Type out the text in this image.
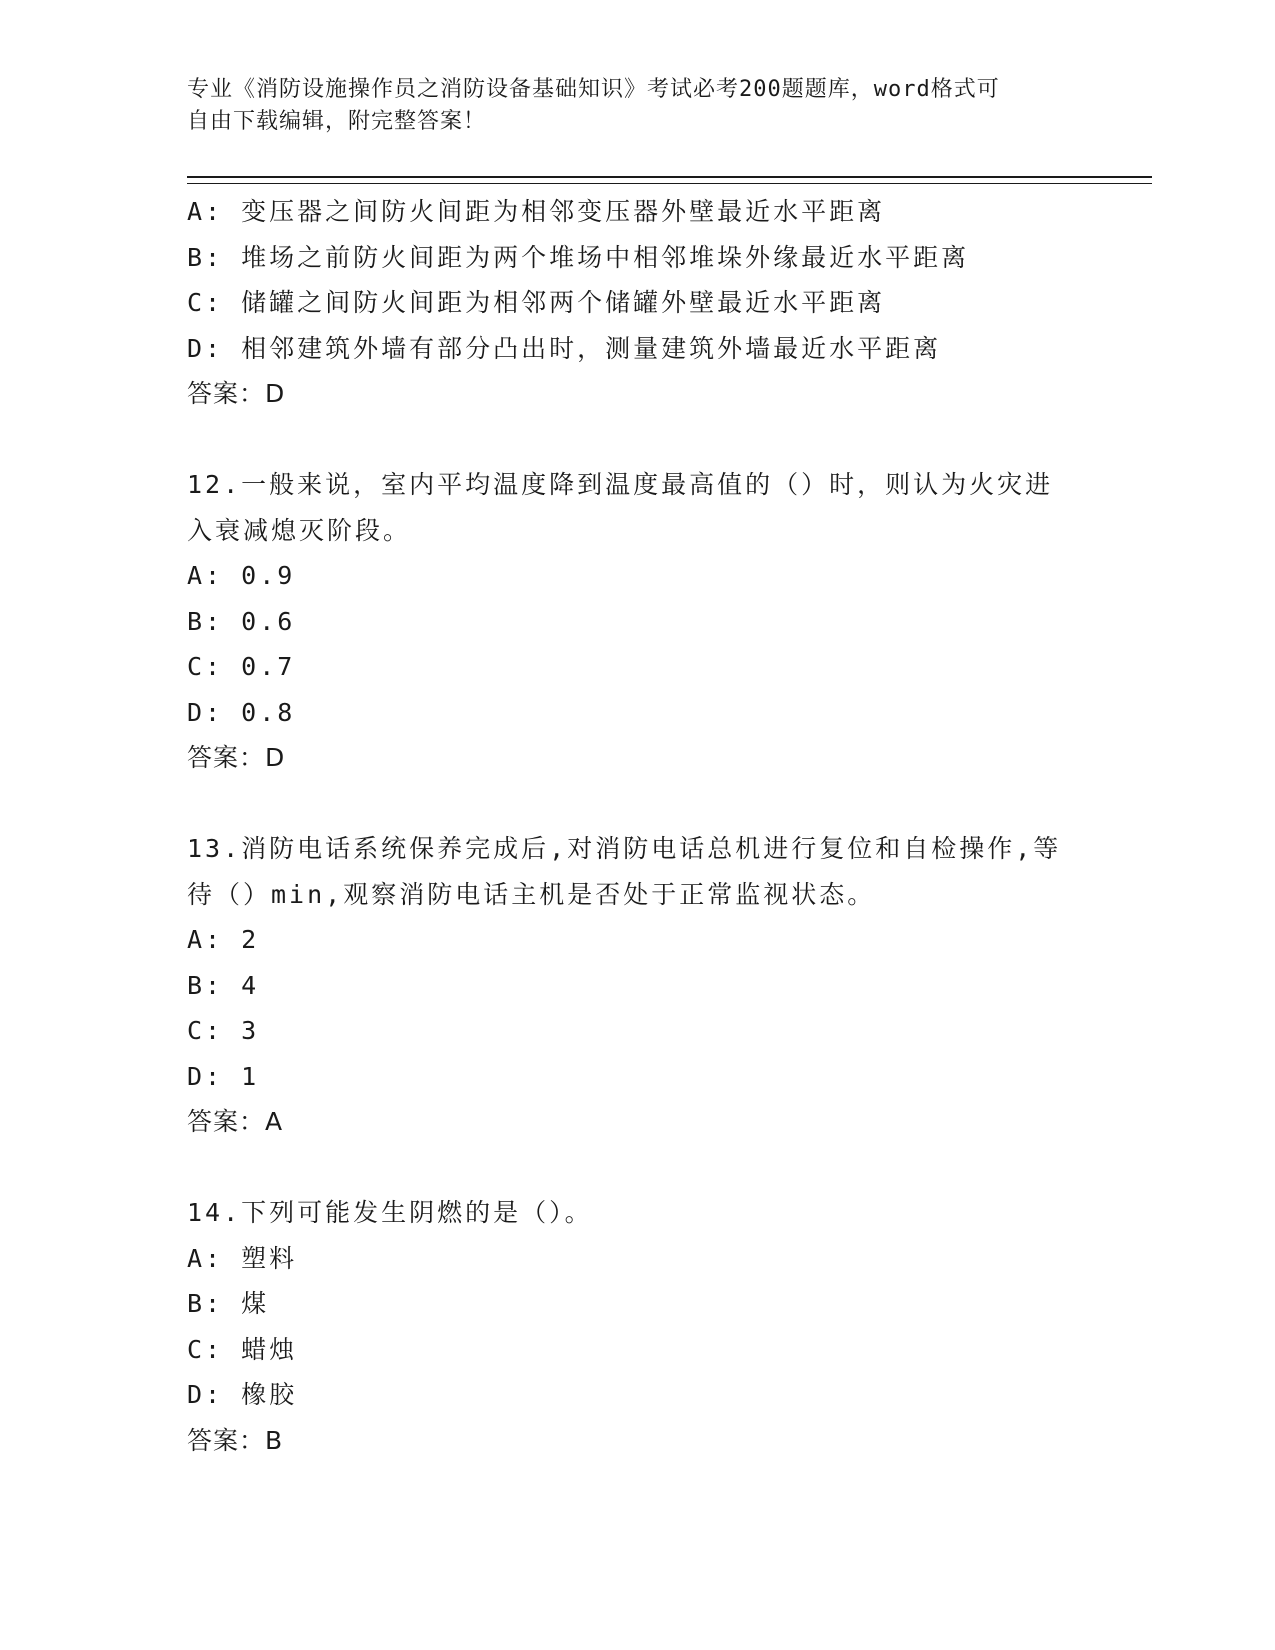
专业《消防设施操作员之消防设备基础知识》考试必考200题题库，word格式可
自由下载编辑，附完整答案！
A: 变压器之间防火间距为相邻变压器外壁最近水平距离
B: 堆场之前防火间距为两个堆场中相邻堆垛外缘最近水平距离
C: 储罐之间防火间距为相邻两个储罐外壁最近水平距离
D: 相邻建筑外墙有部分凸出时，测量建筑外墙最近水平距离
答案：D
12.一般来说，室内平均温度降到温度最高值的（）时，则认为火灾进
入衰减熄灭阶段。
A: 0.9
B: 0.6
C: 0.7
D: 0.8
答案：D
13.消防电话系统保养完成后,对消防电话总机进行复位和自检操作,等
待（）min,观察消防电话主机是否处于正常监视状态。
A: 2
B: 4
C: 3
D: 1
答案：A
14.下列可能发生阴燃的是（）。
A: 塑料
B: 煤
C: 蜡烛
D: 橡胶
答案：B
